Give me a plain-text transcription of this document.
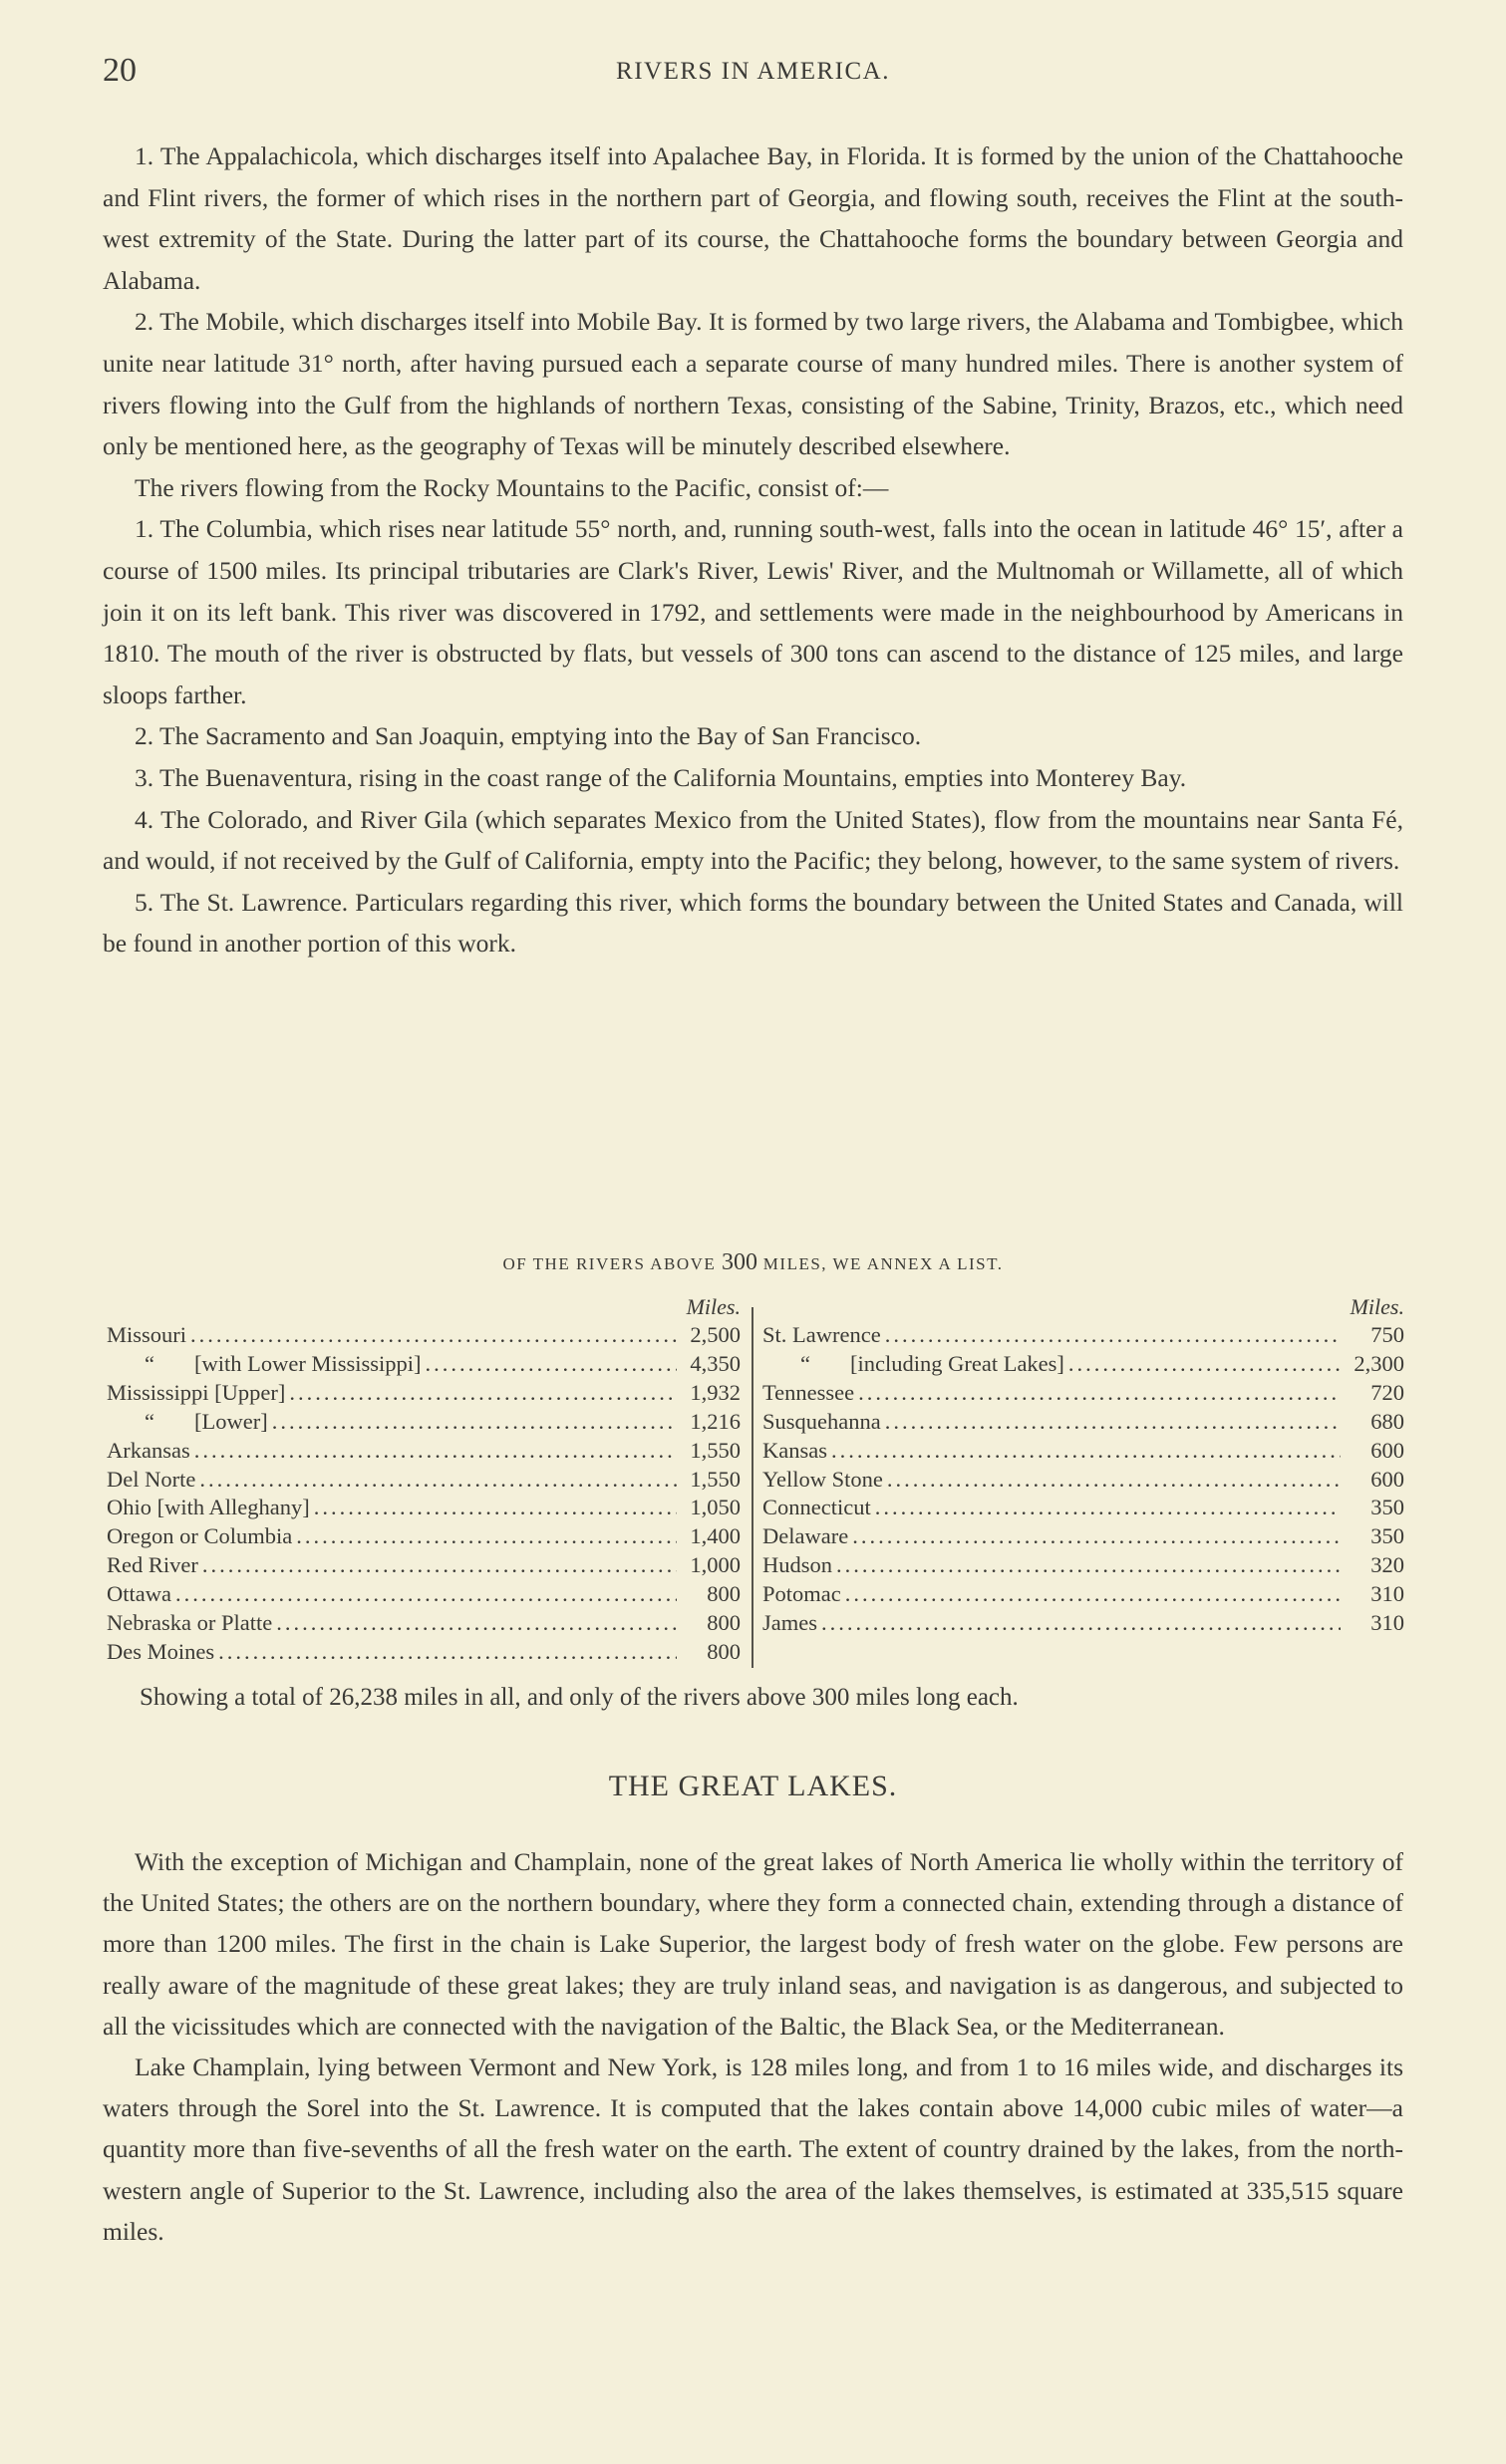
20	RIVERS IN AMERICA.

1. The Appalachicola, which discharges itself into Apalachee Bay, in Florida. It is formed by the union of the Chattahooche and Flint rivers, the former of which rises in the northern part of Georgia, and flowing south, receives the Flint at the south-west extremity of the State. During the latter part of its course, the Chattahooche forms the boundary between Georgia and Alabama.

2. The Mobile, which discharges itself into Mobile Bay. It is formed by two large rivers, the Alabama and Tombigbee, which unite near latitude 31° north, after having pursued each a separate course of many hundred miles. There is another system of rivers flowing into the Gulf from the highlands of northern Texas, consisting of the Sabine, Trinity, Brazos, etc., which need only be mentioned here, as the geography of Texas will be minutely described elsewhere.

The rivers flowing from the Rocky Mountains to the Pacific, consist of:—

1. The Columbia, which rises near latitude 55° north, and, running south-west, falls into the ocean in latitude 46° 15′, after a course of 1500 miles. Its principal tributaries are Clark's River, Lewis' River, and the Multnomah or Willamette, all of which join it on its left bank. This river was discovered in 1792, and settlements were made in the neighbourhood by Americans in 1810. The mouth of the river is obstructed by flats, but vessels of 300 tons can ascend to the distance of 125 miles, and large sloops farther.

2. The Sacramento and San Joaquin, emptying into the Bay of San Francisco.

3. The Buenaventura, rising in the coast range of the California Mountains, empties into Monterey Bay.

4. The Colorado, and River Gila (which separates Mexico from the United States), flow from the mountains near Santa Fé, and would, if not received by the Gulf of California, empty into the Pacific; they belong, however, to the same system of rivers.

5. The St. Lawrence. Particulars regarding this river, which forms the boundary between the United States and Canada, will be found in another portion of this work.

OF THE RIVERS ABOVE 300 MILES, WE ANNEX A LIST.
Miles.
Missouri .....	2,500
“ [with Lower Mississippi] .....	4,350
Mississippi [Upper] .....	1,932
“ [Lower] .....	1,216
Arkansas .....	1,550
Del Norte .....	1,550
Ohio [with Alleghany] .....	1,050
Oregon or Columbia .....	1,400
Red River .....	1,000
Ottawa .....	800
Nebraska or Platte .....	800
Des Moines .....	800
Miles.
St. Lawrence .....	750
“ [including Great Lakes] .....	2,300
Tennessee .....	720
Susquehanna .....	680
Kansas .....	600
Yellow Stone .....	600
Connecticut .....	350
Delaware .....	350
Hudson .....	320
Potomac .....	310
James .....	310
Showing a total of 26,238 miles in all, and only of the rivers above 300 miles long each.
THE GREAT LAKES.

With the exception of Michigan and Champlain, none of the great lakes of North America lie wholly within the territory of the United States; the others are on the northern boundary, where they form a connected chain, extending through a distance of more than 1200 miles. The first in the chain is Lake Superior, the largest body of fresh water on the globe. Few persons are really aware of the magnitude of these great lakes; they are truly inland seas, and navigation is as dangerous, and subjected to all the vicissitudes which are connected with the navigation of the Baltic, the Black Sea, or the Mediterranean.

Lake Champlain, lying between Vermont and New York, is 128 miles long, and from 1 to 16 miles wide, and discharges its waters through the Sorel into the St. Lawrence. It is computed that the lakes contain above 14,000 cubic miles of water—a quantity more than five-sevenths of all the fresh water on the earth. The extent of country drained by the lakes, from the north-western angle of Superior to the St. Lawrence, including also the area of the lakes themselves, is estimated at 335,515 square miles.
